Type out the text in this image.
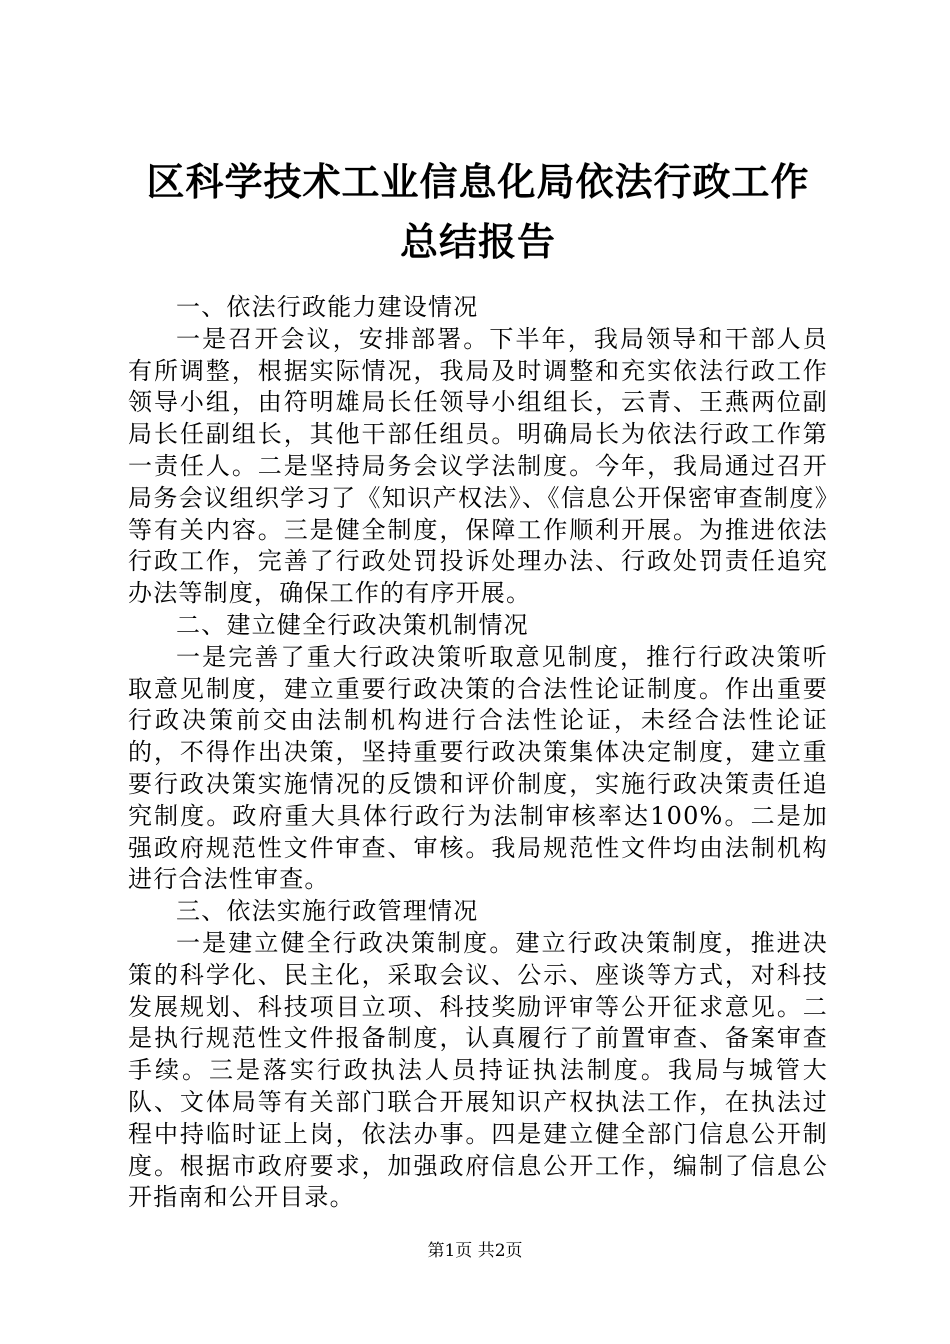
区科学技术工业信息化局依法行政工作总结报告

一、依法行政能力建设情况

一是召开会议，安排部署。下半年，我局领导和干部人员有所调整，根据实际情况，我局及时调整和充实依法行政工作领导小组，由符明雄局长任领导小组组长，云青、王燕两位副局长任副组长，其他干部任组员。明确局长为依法行政工作第一责任人。二是坚持局务会议学法制度。今年，我局通过召开局务会议组织学习了《知识产权法》、《信息公开保密审查制度》等有关内容。三是健全制度，保障工作顺利开展。为推进依法行政工作，完善了行政处罚投诉处理办法、行政处罚责任追究办法等制度，确保工作的有序开展。

二、建立健全行政决策机制情况

一是完善了重大行政决策听取意见制度，推行行政决策听取意见制度，建立重要行政决策的合法性论证制度。作出重要行政决策前交由法制机构进行合法性论证，未经合法性论证的，不得作出决策，坚持重要行政决策集体决定制度，建立重要行政决策实施情况的反馈和评价制度，实施行政决策责任追究制度。政府重大具体行政行为法制审核率达100%。二是加强政府规范性文件审查、审核。我局规范性文件均由法制机构进行合法性审查。

三、依法实施行政管理情况

一是建立健全行政决策制度。建立行政决策制度，推进决策的科学化、民主化，采取会议、公示、座谈等方式，对科技发展规划、科技项目立项、科技奖励评审等公开征求意见。二是执行规范性文件报备制度，认真履行了前置审查、备案审查手续。三是落实行政执法人员持证执法制度。我局与城管大队、文体局等有关部门联合开展知识产权执法工作，在执法过程中持临时证上岗，依法办事。四是建立健全部门信息公开制度。根据市政府要求，加强政府信息公开工作，编制了信息公开指南和公开目录。

第1页 共2页
